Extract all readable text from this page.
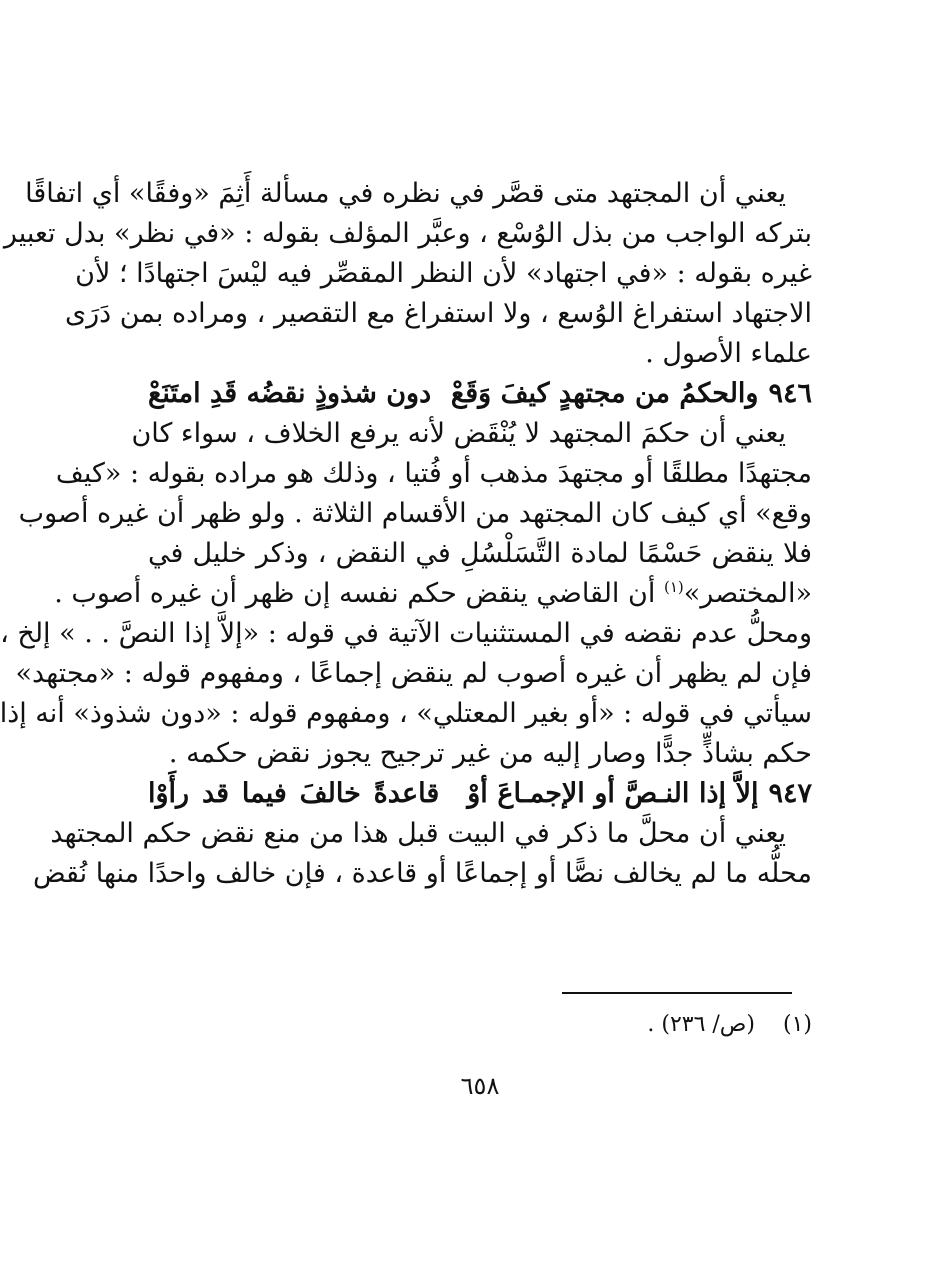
يعني أن المجتهد متى قصَّر في نظره في مسألة أَثِمَ «وفقًا» أي اتفاقًا
بتركه الواجب من بذل الوُسْع ، وعبَّر المؤلف بقوله : «في نظر» بدل تعبير
غيره بقوله : «في اجتهاد» لأن النظر المقصِّر فيه ليْسَ اجتهادًا ؛ لأن
الاجتهاد استفراغ الوُسع ، ولا استفراغ مع التقصير ، ومراده بمن دَرَى
علماء الأصول .
٩٤٦
والحكمُ من مجتهدٍ كيفَ وَقَعْ
دون شذوذٍ نقضُه قَدِ امتَنَعْ
يعني أن حكمَ المجتهد لا يُنْقَض لأنه يرفع الخلاف ، سواء كان
مجتهدًا مطلقًا أو مجتهدَ مذهب أو فُتيا ، وذلك هو مراده بقوله : «كيف
وقع» أي كيف كان المجتهد من الأقسام الثلاثة . ولو ظهر أن غيره أصوب
فلا ينقض حَسْمًا لمادة التَّسَلْسُلِ في النقض ، وذكر خليل في
«المختصر»$^{(١)}$ أن القاضي ينقض حكم نفسه إن ظهر أن غيره أصوب .
ومحلُّ عدم نقضه في المستثنيات الآتية في قوله : «إلاَّ إذا النصَّ . . » إلخ ،
فإن لم يظهر أن غيره أصوب لم ينقض إجماعًا ، ومفهوم قوله : «مجتهد»
سيأتي في قوله : «أو بغير المعتلي» ، ومفهوم قوله : «دون شذوذ» أنه إذا
حكم بشاذٍّ جدًّا وصار إليه من غير ترجيح يجوز نقض حكمه .
٩٤٧
إلاَّ إذا النـصَّ أو الإجمـاعَ أوْ
قاعدةً خالفَ فيما قد رأَوْا
يعني أن محلَّ ما ذكر في البيت قبل هذا من منع نقض حكم المجتهد
محلُّه ما لم يخالف نصًّا أو إجماعًا أو قاعدة ، فإن خالف واحدًا منها نُقض
(١)    (ص/ ٢٣٦) .
٦٥٨
